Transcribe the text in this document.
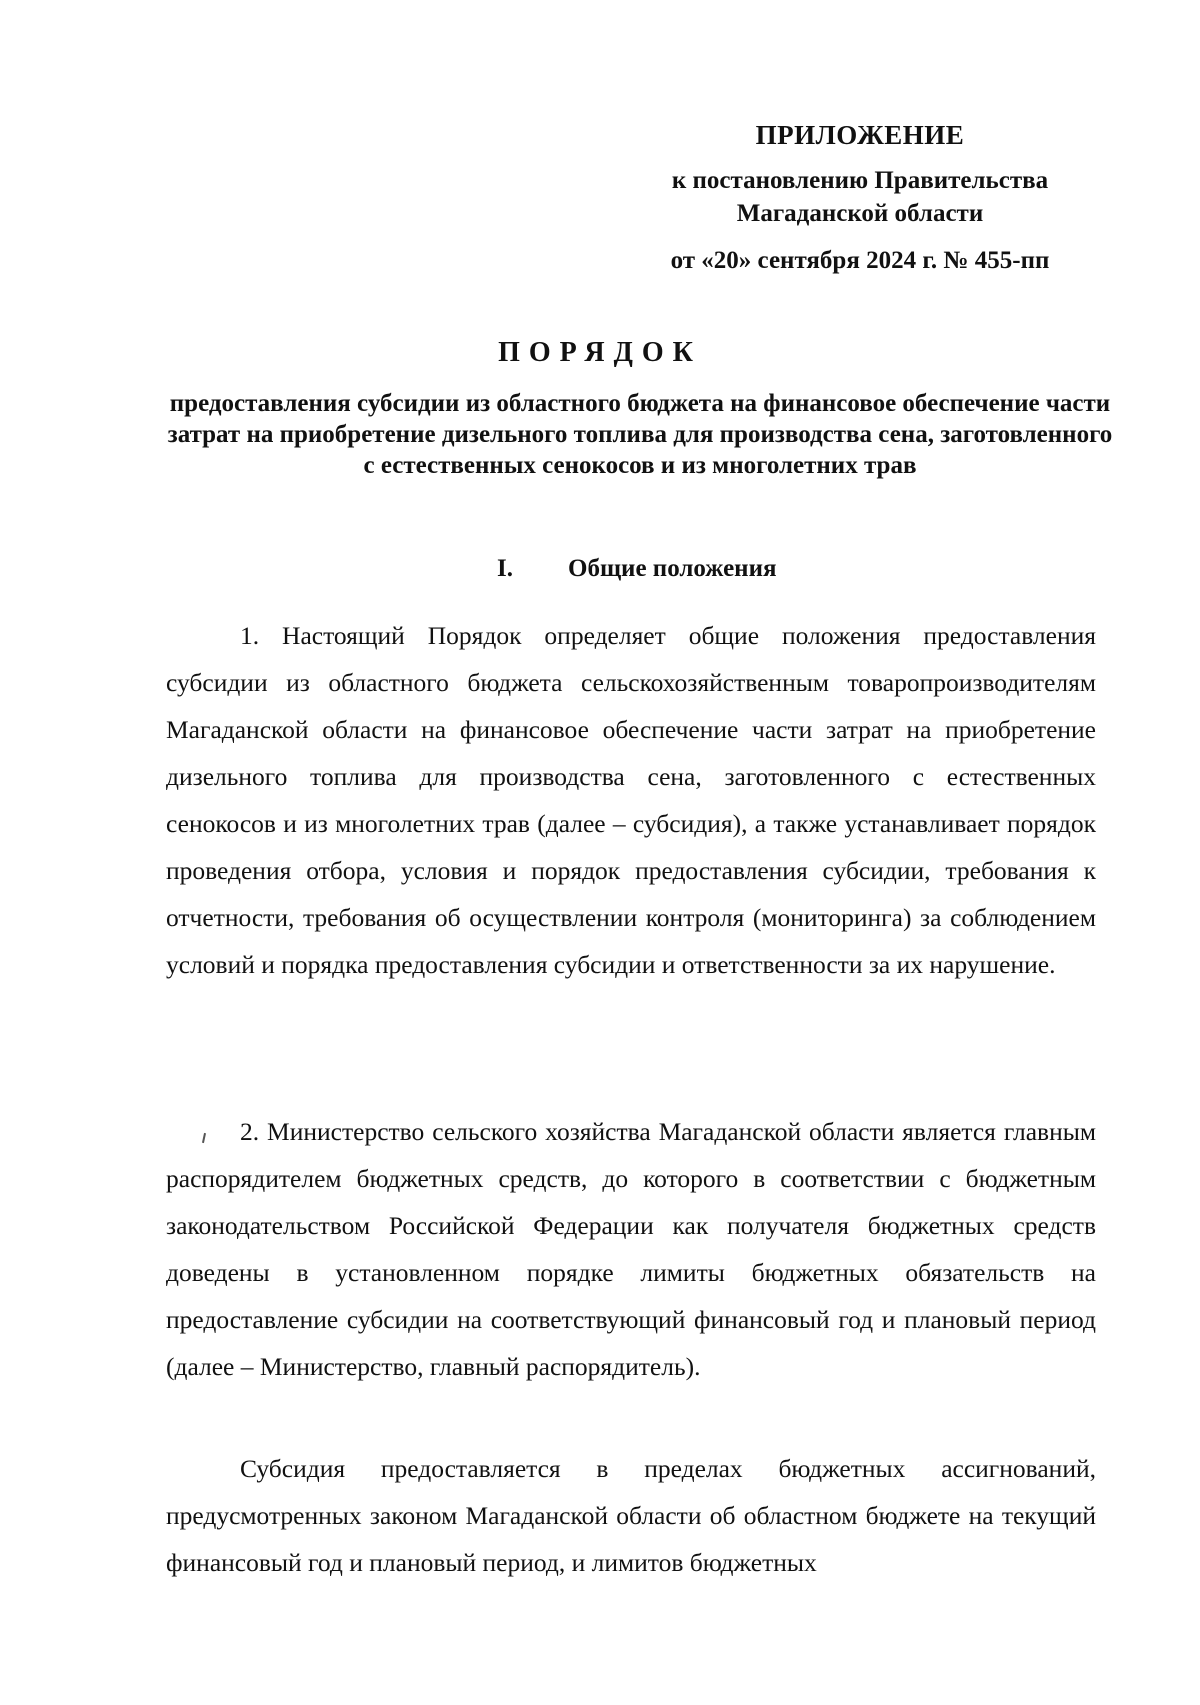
ПРИЛОЖЕНИЕ
к постановлению Правительства
Магаданской области
от «20» сентября 2024 г. № 455-пп
ПОРЯДОК
предоставления субсидии из областного бюджета на финансовое обеспечение части затрат на приобретение дизельного топлива для производства сена, заготовленного с естественных сенокосов и из многолетних трав
I. Общие положения

1. Настоящий Порядок определяет общие положения предоставления субсидии из областного бюджета сельскохозяйственным товаропроизводителям Магаданской области на финансовое обеспечение части затрат на приобретение дизельного топлива для производства сена, заготовленного с естественных сенокосов и из многолетних трав (далее – субсидия), а также устанавливает порядок проведения отбора, условия и порядок предоставления субсидии, требования к отчетности, требования об осуществлении контроля (мониторинга) за соблюдением условий и порядка предоставления субсидии и ответственности за их нарушение.

2. Министерство сельского хозяйства Магаданской области является главным распорядителем бюджетных средств, до которого в соответствии с бюджетным законодательством Российской Федерации как получателя бюджетных средств доведены в установленном порядке лимиты бюджетных обязательств на предоставление субсидии на соответствующий финансовый год и плановый период (далее – Министерство, главный распорядитель).

Субсидия предоставляется в пределах бюджетных ассигнований, предусмотренных законом Магаданской области об областном бюджете на текущий финансовый год и плановый период, и лимитов бюджетных
